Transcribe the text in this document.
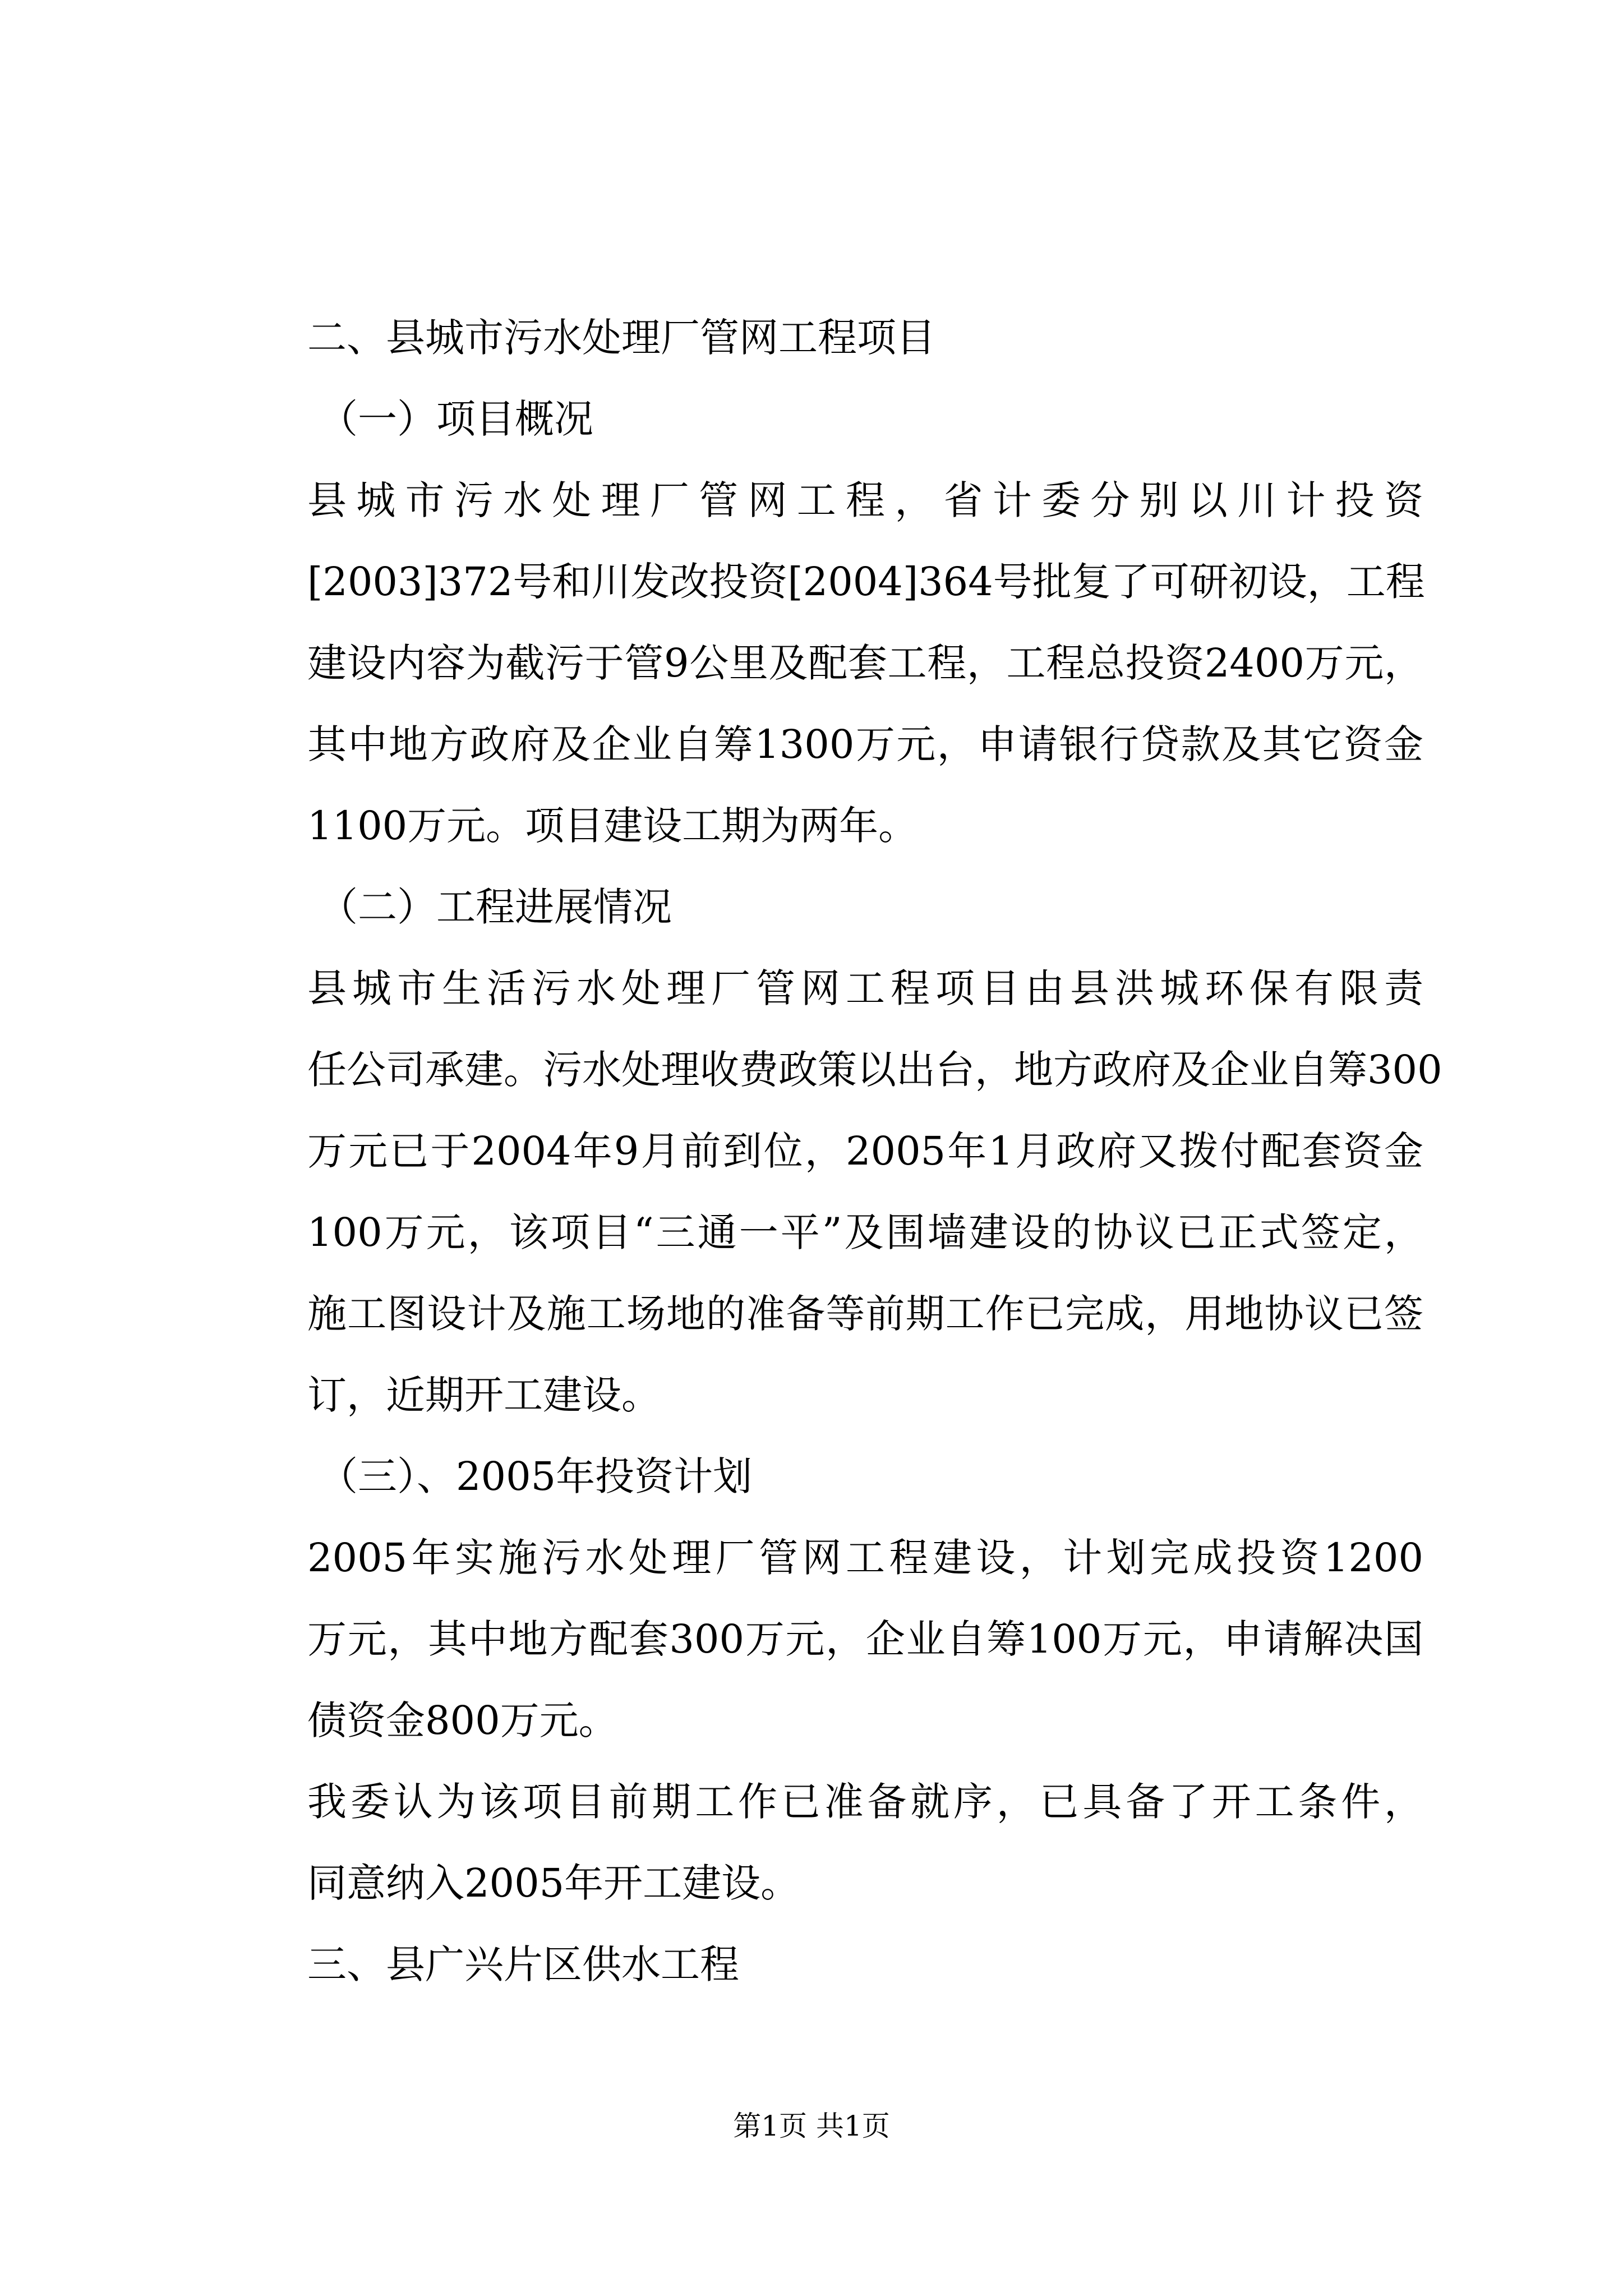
二、县城市污水处理厂管网工程项目
（一）项目概况
县城市污水处理厂管网工程，省计委分别以川计投资
[2003]372号和川发改投资[2004]364号批复了可研初设，工程
建设内容为截污于管9公里及配套工程，工程总投资2400万元，
其中地方政府及企业自筹1300万元，申请银行贷款及其它资金
1100万元。项目建设工期为两年。
（二）工程进展情况
县城市生活污水处理厂管网工程项目由县洪城环保有限责
任公司承建。污水处理收费政策以出台，地方政府及企业自筹300
万元已于2004年9月前到位，2005年1月政府又拨付配套资金
100万元，该项目“三通一平”及围墙建设的协议已正式签定，
施工图设计及施工场地的准备等前期工作已完成，用地协议已签
订，近期开工建设。
（三）、2005年投资计划
2005年实施污水处理厂管网工程建设，计划完成投资1200
万元，其中地方配套300万元，企业自筹100万元，申请解决国
债资金800万元。
我委认为该项目前期工作已准备就序，已具备了开工条件，
同意纳入2005年开工建设。
三、县广兴片区供水工程
第1页 共1页
